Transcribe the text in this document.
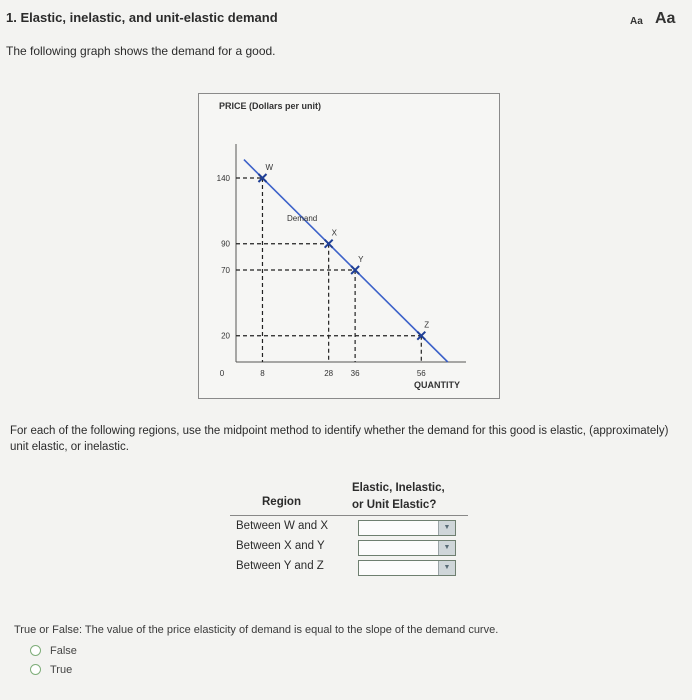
1. Elastic, inelastic, and unit-elastic demand	Aa Aa
The following graph shows the demand for a good.
PRICE (Dollars per unit)
QUANTITY
Demand
W
X
Y
Z
140
90
70
20
0	8	28 36	56
For each of the following regions, use the midpoint method to identify whether the demand for this good is elastic, (approximately) unit elastic, or inelastic.
Elastic, Inelastic,
or Unit Elastic?
Region
Between W and X	▼
Between X and Y	▼
Between Y and Z	▼
True or False: The value of the price elasticity of demand is equal to the slope of the demand curve.
False
True
